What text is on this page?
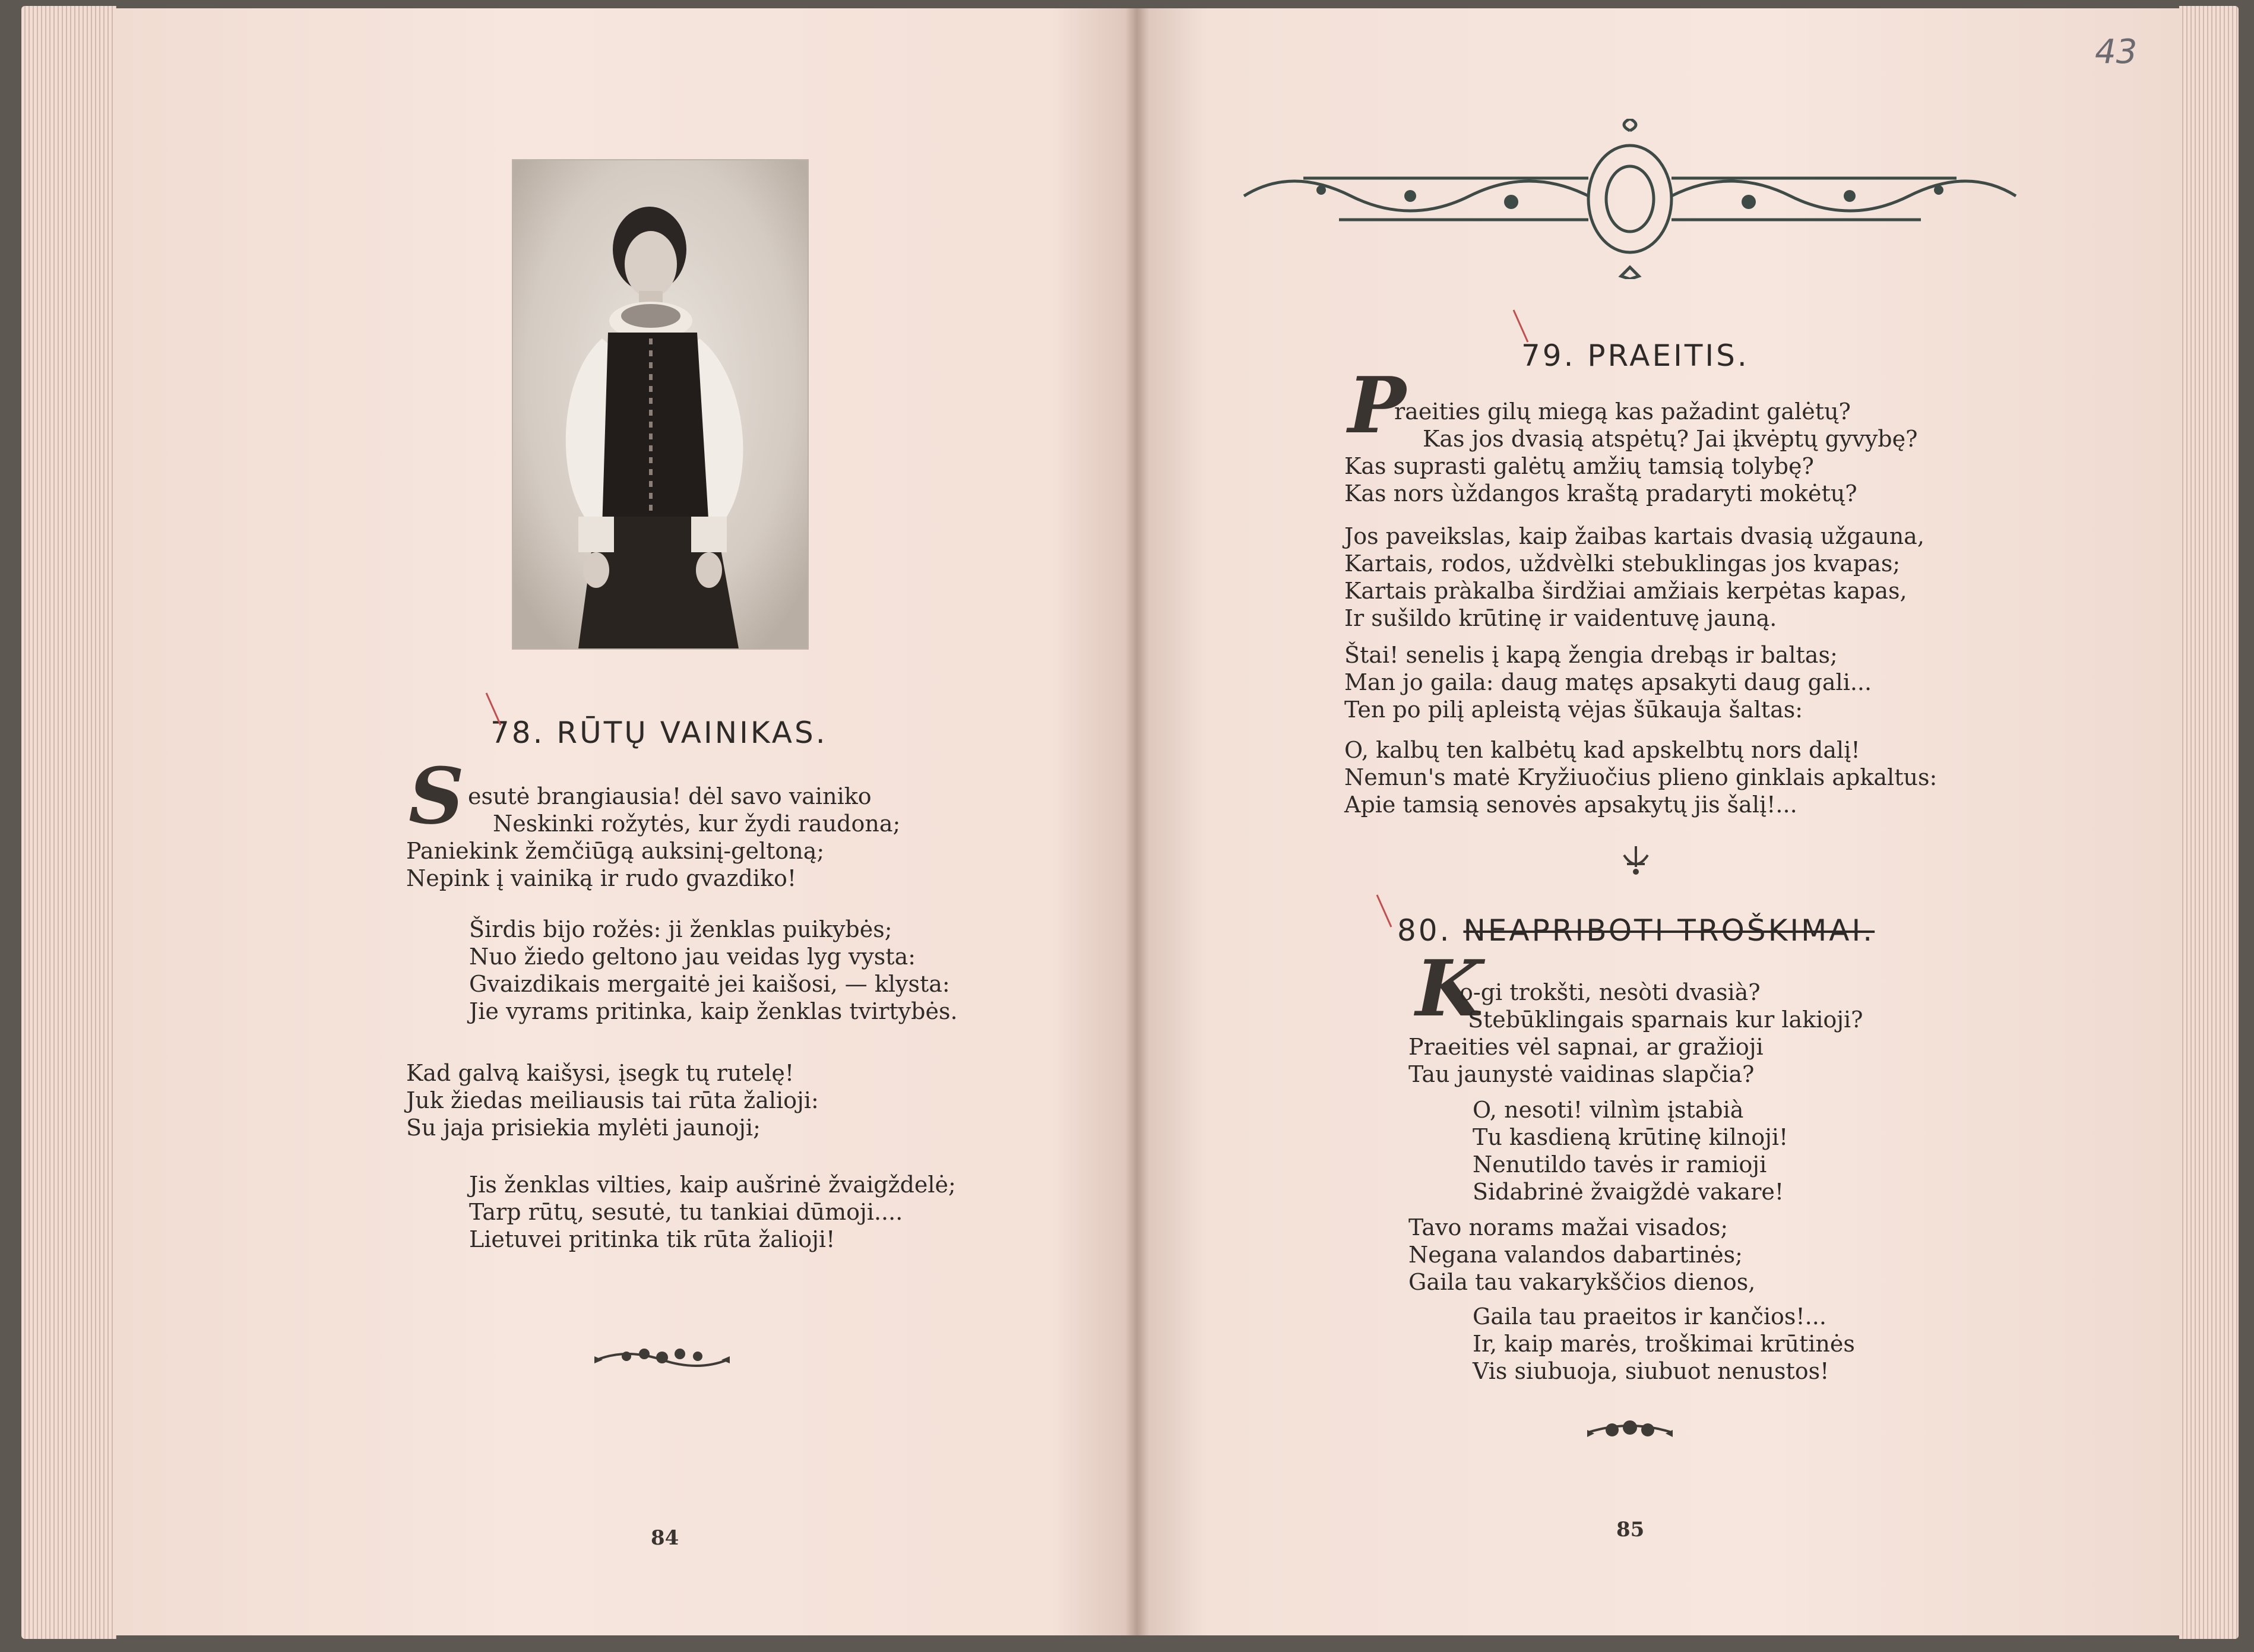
78. RŪTŲ VAINIKAS.
S esutė brangiausia! dėl savo vainiko
Neskinki rožytės, kur žydi raudona;
Paniekink žemčiūgą auksinį-geltoną;
Nepink į vainiką ir rudo gvazdiko!
Širdis bijo rožės: ji ženklas puikybės;
Nuo žiedo geltono jau veidas lyg vysta:
Gvaizdikais mergaitė jei kaišosi, — klysta:
Jie vyrams pritinka, kaip ženklas tvirtybės.
Kad galvą kaišysi, įsegk tų rutelę!
Juk žiedas meiliausis tai rūta žalioji:
Su jaja prisiekia mylėti jaunoji;
Jis ženklas vilties, kaip aušrinė žvaigždelė;
Tarp rūtų, sesutė, tu tankiai dūmoji....
Lietuvei pritinka tik rūta žalioji!
84
43
79. PRAEITIS.
P
raeities gilų miegą kas pažadint galėtų?
Kas jos dvasią atspėtų? Jai įkvėptų gyvybę?
Kas suprasti galėtų amžių tamsią tolybę?
Kas nors ùždangos kraštą pradaryti mokėtų?
Jos paveikslas, kaip žaibas kartais dvasią užgauna,
Kartais, rodos, uždvèlki stebuklingas jos kvapas;
Kartais pràkalba širdžiai amžiais kerpėtas kapas,
Ir sušildo krūtinę ir vaidentuvę jauną.
Štai! senelis į kapą žengia drebąs ir baltas;
Man jo gaila: daug matęs apsakyti daug gali...
Ten po pilį apleistą vėjas šūkauja šaltas:
O, kalbų ten kalbėtų kad apskelbtų nors dalį!
Nemun's matė Kryžiuočius plieno ginklais apkaltus:
Apie tamsią senovės apsakytų jis šalį!...
80. NEAPRIBOTI TROŠKIMAI.
K
o-gi trokšti, nesòti dvasià?
Stebūklingais sparnais kur lakioji?
Praeities vėl sapnai, ar gražioji
Tau jaunystė vaidinas slapčia?
O, nesoti! vilnìm įstabià
Tu kasdieną krūtinę kilnoji!
Nenutildo tavės ir ramioji
Sidabrinė žvaigždė vakare!
Tavo norams mažai visados;
Negana valandos dabartinės;
Gaila tau vakarykščios dienos,
Gaila tau praeitos ir kančios!...
Ir, kaip marės, troškimai krūtinės
Vis siubuoja, siubuot nenustos!
85
